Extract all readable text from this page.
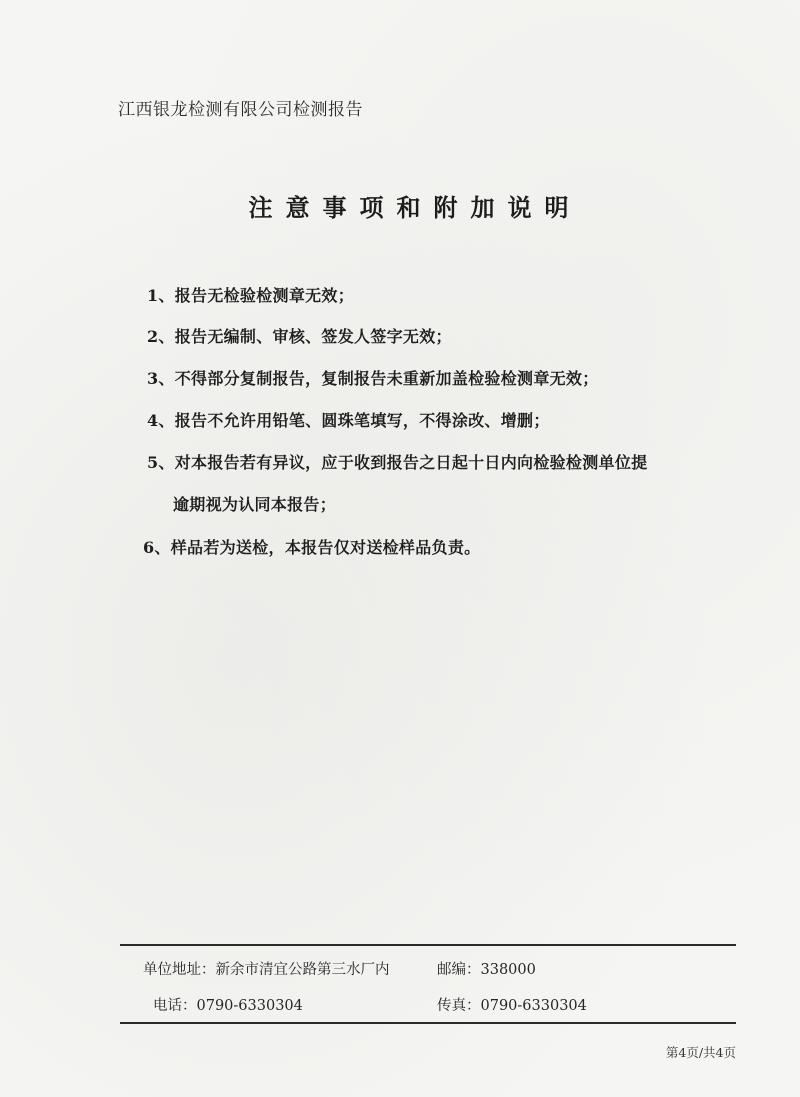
江西银龙检测有限公司检测报告
注意事项和附加说明
1、报告无检验检测章无效；
2、报告无编制、审核、签发人签字无效；
3、不得部分复制报告，复制报告未重新加盖检验检测章无效；
4、报告不允许用铅笔、圆珠笔填写，不得涂改、增删；
5、对本报告若有异议，应于收到报告之日起十日内向检验检测单位提
逾期视为认同本报告；
6、样品若为送检，本报告仅对送检样品负责。
单位地址：新余市清宜公路第三水厂内	邮编：338000
电话：0790-6330304	传真：0790-6330304
第4页/共4页
